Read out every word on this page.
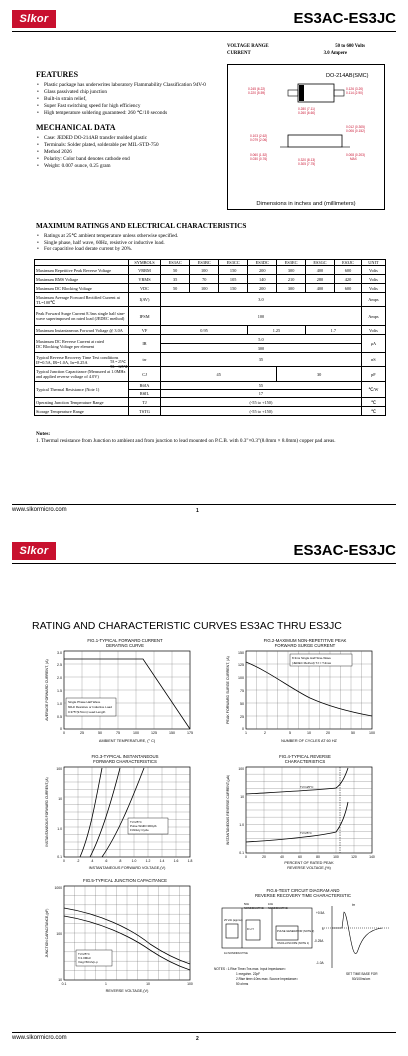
Slkor	ES3AC-ES3JC
VOLTAGE RANGE	50 to 600 Volts
CURRENT	3.0 Ampere
DO-214AB(SMC)
0.245 (6.22)
0.220 (5.59)
0.126 (3.20)
0.114 (2.90)
0.280 (7.11)
0.260 (6.60)
0.012 (0.305)
0.006 (0.152)
0.103 (2.62)
0.079 (2.06)
0.060 (1.52)
0.030 (0.76)	0.320 (8.13)
0.305 (7.75)
0.008 (0.203)
MAX
Dimensions in inches and (millimeters)
FEATURES
• Plastic package has underwrites laboratory Flammability Classification 94V-0
• Glass passivated chip junction
• Built-in strain relief,
• Super Fast switching speed for high efficiency
• High temperature soldering guaranteed: 260 ℃/10 seconds
MECHANICAL DATA
• Case: JEDED DO-214AB transfer molded plastic
• Terminals: Solder plated, solderable per MIL-STD-750
• Method 2026
• Polarity: Color band denotes cathode end
• Weight: 0.007 ounce, 0.25 gram
MAXIMUM RATINGS AND ELECTRICAL CHARACTERISTICS
• Ratings at 25℃ ambient temperature unless otherwise specified.
• Single phase, half wave, 60Hz, resistive or inductive load.
• For capacitive load derate current by 20%.
	SYMBOLS	ES3AC	ES3BC	ES3CC	ES3DC	ES3EC	ES3GC	ES3JC	UNIT
Maximum Repetitive Peak Reverse Voltage	VRRM	50	100	150	200	300	400	600	Volts
Maximum RMS Voltage	VRMS	35	70	105	140	210	280	420	Volts
Maximum DC Blocking Voltage	VDC	50	100	150	200	300	400	600	Volts
Maximum Average Forward Rectified Current at TL=100℃	I(AV)	3.0							Amps
Peak Forward Surge Current 8.3ms single half sine-wave superimposed on rated load (JEDEC method)	IFSM	100							Amps
Maximum Instantaneous Forward Voltage @ 3.0A	VF	0.95			1.25		1.7		Volts
Maximum DC Reverse Current at rated DC Blocking Voltage per element	IR	5.0							μA
		300							
Typical Reverse Recovery Time Test conditions IF=0.5A, IR=1.0A, Irr=0.25A	trr	35							nS
Typical Junction Capacitance (Measured at 1.0MHz and applied reverse voltage of 4.0V)	CJ	45				30			pF
Typical Thermal Resistance (Note 1)	RθJA	55							℃/W
	RθJL	17							
Operating Junction Temperature Range	TJ	(-55 to +150)							℃
Storage Temperature Range	TSTG	(-55 to +150)							℃
TA = 25℃
TA = 125℃
Notes:
1. Thermal resistance from Junction to ambient and from junction to lead mounted on P.C.B. with 0.3"×0.3"(8.0mm × 8.0mm) copper pad areas.
www.slkormicro.com	1
Slkor	ES3AC-ES3JC
RATING AND CHARACTERISTIC CURVES ES3AC THRU ES3JC
FIG.1-TYPICAL FORWARD CURRENT
DERATING CURVE
0	25	50	75	100	125	150	175
0
0.5
1.0
1.5
2.0
2.5
3.0
Single Phase Half Wave
60Hz Resistive or Inductive Load
0.375"(9.5mm) Lead Length
AMBIENT TEMPERATURE, (° C)
AVERAGE FORWARD CURRENT, (A)
FIG.2-MAXIMUM NON-REPETITIVE PEAK
FORWARD SURGE CURRENT
8.3ms Single Half Sine-Wave
(JEDEC Method) TJ = TJmax
1	2	5	10	20	50	100
0
25
50
75
100
125
150
NUMBER OF CYCLES AT 60 HZ
PEAK FORWARD SURGE CURRENT, (A)
FIG.3-TYPICAL INSTANTANEOUS
FORWARD CHARACTERISTICS
TJ=25°C
Pulse Width=300μS
1%Duty Cycle
0	.2	.4	.6	.8	1.0	1.2	1.4	1.6	1.8
100
10
1.0
0.1
INSTANTANEOUS FORWARD VOLTAGE,(V)
INSTANTANEOUS FORWARD CURRENT,(A)
FIG.4-TYPICAL REVERSE
CHARACTERISTICS
TJ=125°C
TJ=25°C
0	20	40	60	80	100	120	140
100
10
1.0
0.1
PERCENT OF RATED PEAK
REVERSE VOLTAGE,(%)
INSTANTANEOUS REVERSE CURRENT,(μA)
FIG.5-TYPICAL JUNCTION CAPACITANCE
TJ=25°C
f=1.0MHz
Vsig=50mVp-p
0.1	1	10	100
1000
100
10
REVERSE VOLTAGE,(V)
JUNCTION CAPACITANCE,(pF)
FIG.6-TEST CIRCUIT DIAGRAM AND
REVERSE RECOVERY TIME CHARACTERISTIC
50Ω
NONINDUCTIVE
10Ω
NONINDUCTIVE
D.U.T.
PULSE GENERATOR (NOTE 2)
OSCILLOSCOPE (NOTE 1)
1Ω NONINDUCTIVE
25 Vdc (approx)
+0.5A
0
-0.25A
-1.0A
trr
NOTES : 1.Rise Time=7ns max. Input Impedance=
1 megohm. 22pF
2.Rise time=10ns max. Source Impedance=
50 ohms
SET TIME BASE FOR
50/100ns/cm
www.slkormicro.com	2
